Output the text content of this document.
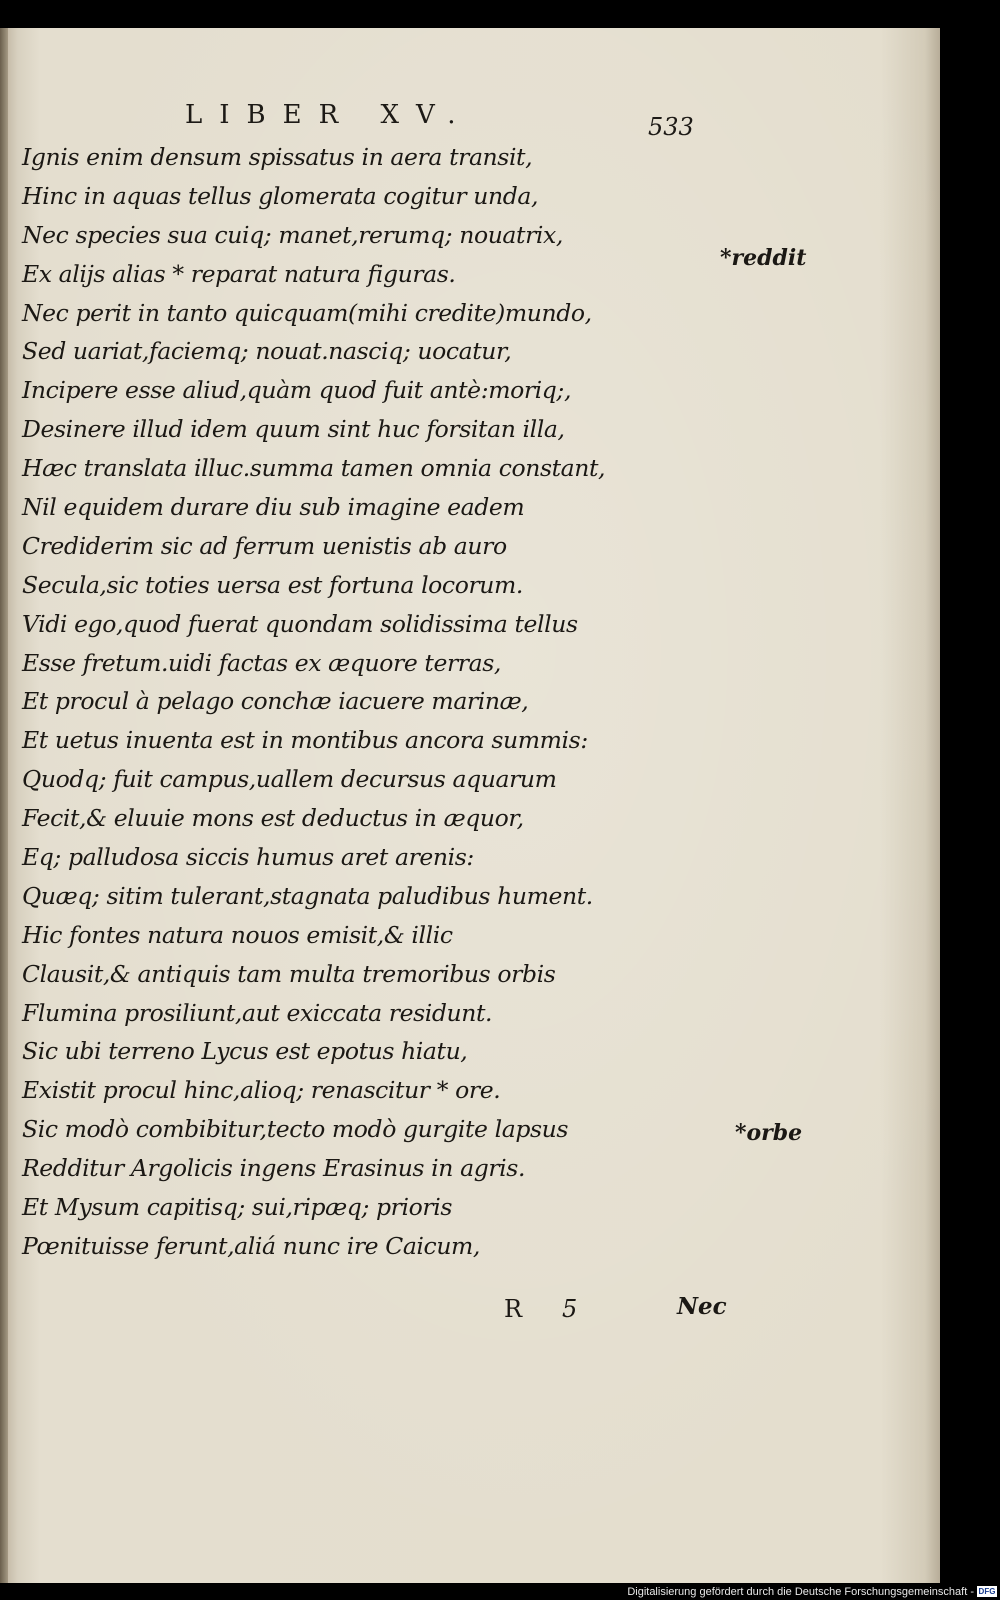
LIBER XV.	533
Ignis enim densum spissatus in aera transit,
Hinc in aquas tellus glomerata cogitur unda,
Nec species sua cuiq; manet,rerumq; nouatrix,
Ex alijs alias * reparat natura figuras.
Nec perit in tanto quicquam(mihi credite)mundo,
Sed uariat,faciemq; nouat.nasciq; uocatur,
Incipere esse aliud,quàm quod fuit antè:moriq;,
Desinere illud idem quum sint huc forsitan illa,
Hæc translata illuc.summa tamen omnia constant,
Nil equidem durare diu sub imagine eadem
Crediderim sic ad ferrum uenistis ab auro
Secula,sic toties uersa est fortuna locorum.
Vidi ego,quod fuerat quondam solidissima tellus
Esse fretum.uidi factas ex æquore terras,
Et procul à pelago conchæ iacuere marinæ,
Et uetus inuenta est in montibus ancora summis:
Quodq; fuit campus,uallem decursus aquarum
Fecit,& eluuie mons est deductus in æquor,
Eq; palludosa siccis humus aret arenis:
Quæq; sitim tulerant,stagnata paludibus hument.
Hic fontes natura nouos emisit,& illic
Clausit,& antiquis tam multa tremoribus orbis
Flumina prosiliunt,aut exiccata residunt.
Sic ubi terreno Lycus est epotus hiatu,
Existit procul hinc,alioq; renascitur * ore.
Sic modò combibitur,tecto modò gurgite lapsus
Redditur Argolicis ingens Erasinus in agris.
Et Mysum capitisq; sui,ripæq; prioris
Pœnituisse ferunt,aliá nunc ire Caicum,
*reddit
*orbe
R 5	Nec
Digitalisierung gefördert durch die Deutsche Forschungsgemeinschaft - DFG
